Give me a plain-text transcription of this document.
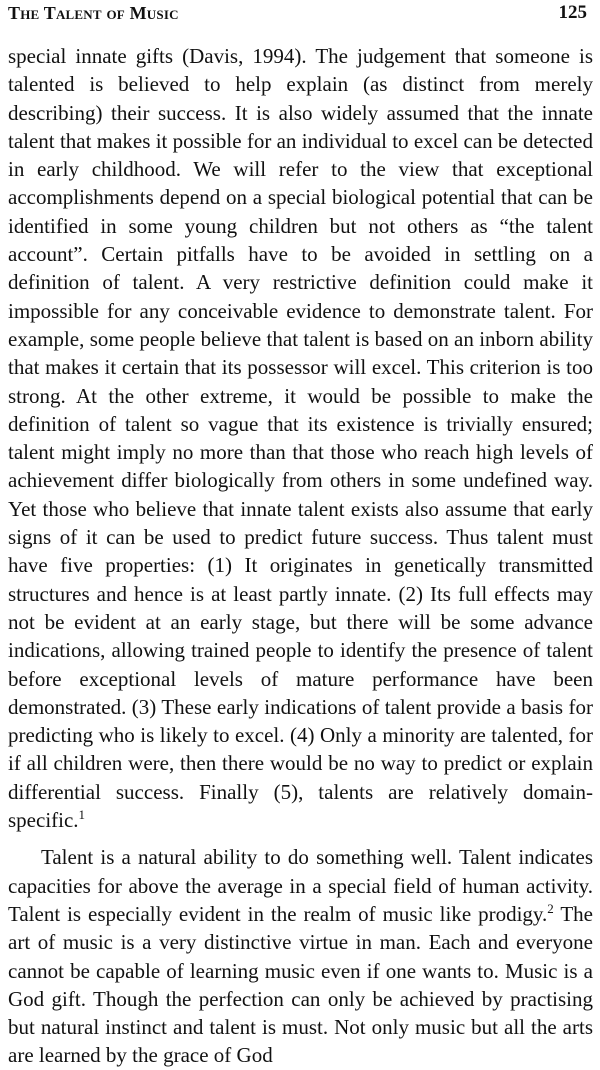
The Talent of Music	125

special innate gifts (Davis, 1994). The judgement that someone is talented is believed to help explain (as distinct from merely describing) their success. It is also widely assumed that the innate talent that makes it possible for an individual to excel can be detected in early childhood. We will refer to the view that exceptional accomplishments depend on a special biological potential that can be identified in some young children but not others as “the talent account”. Certain pitfalls have to be avoided in settling on a definition of talent. A very restrictive definition could make it impossible for any conceivable evidence to demonstrate talent. For example, some people believe that talent is based on an inborn ability that makes it certain that its possessor will excel. This criterion is too strong. At the other extreme, it would be possible to make the definition of talent so vague that its existence is trivially ensured; talent might imply no more than that those who reach high levels of achievement differ biologically from others in some undefined way. Yet those who believe that innate talent exists also assume that early signs of it can be used to predict future success. Thus talent must have five properties: (1) It originates in genetically transmitted structures and hence is at least partly innate. (2) Its full effects may not be evident at an early stage, but there will be some advance indications, allowing trained people to identify the presence of talent before exceptional levels of mature performance have been demonstrated. (3) These early indications of talent provide a basis for predicting who is likely to excel. (4) Only a minority are talented, for if all children were, then there would be no way to predict or explain differential success. Finally (5), talents are relatively domain-specific.$^1$

Talent is a natural ability to do something well. Talent indicates capacities for above the average in a special field of human activity. Talent is especially evident in the realm of music like prodigy.$^2$ The art of music is a very distinctive virtue in man. Each and everyone cannot be capable of learning music even if one wants to. Music is a God gift. Though the perfection can only be achieved by practising but natural instinct and talent is must. Not only music but all the arts are learned by the grace of God
